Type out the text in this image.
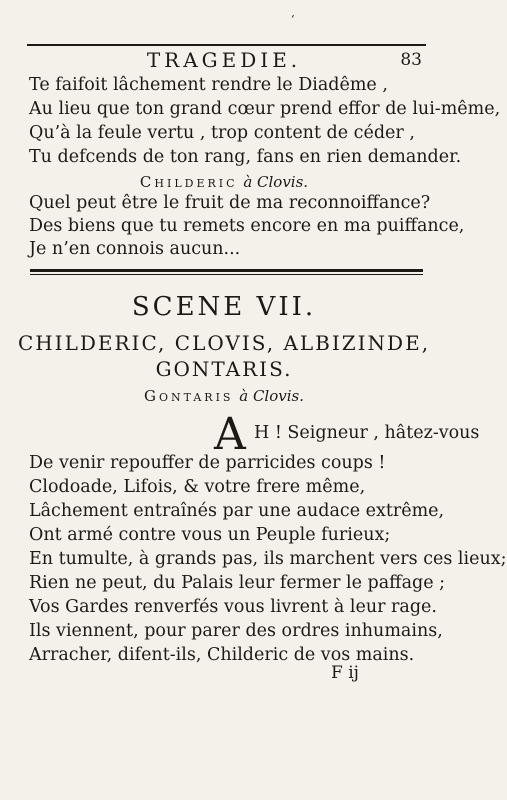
‘
TRAGEDIE.	83
Te faifoit lâchement rendre le Diadême ,
Au lieu que ton grand cœur prend effor de lui-même,
Qu’à la feule vertu , trop content de céder ,
Tu defcends de ton rang, fans en rien demander.
Childeric à Clovis.
Quel peut être le fruit de ma reconnoiffance?
Des biens que tu remets encore en ma puiffance,
Je n’en connois aucun...
SCENE VII.
CHILDERIC, CLOVIS, ALBIZINDE,
GONTARIS.
Gontaris à Clovis.
A H ! Seigneur , hâtez-vous
De venir repouffer de parricides coups !
Clodoade, Lifois, & votre frere même,
Lâchement entraînés par une audace extrême,
Ont armé contre vous un Peuple furieux;
En tumulte, à grands pas, ils marchent vers ces lieux;
Rien ne peut, du Palais leur fermer le paffage ;
Vos Gardes renverfés vous livrent à leur rage.
Ils viennent, pour parer des ordres inhumains,
Arracher, difent-ils, Childeric de vos mains.
F ij
